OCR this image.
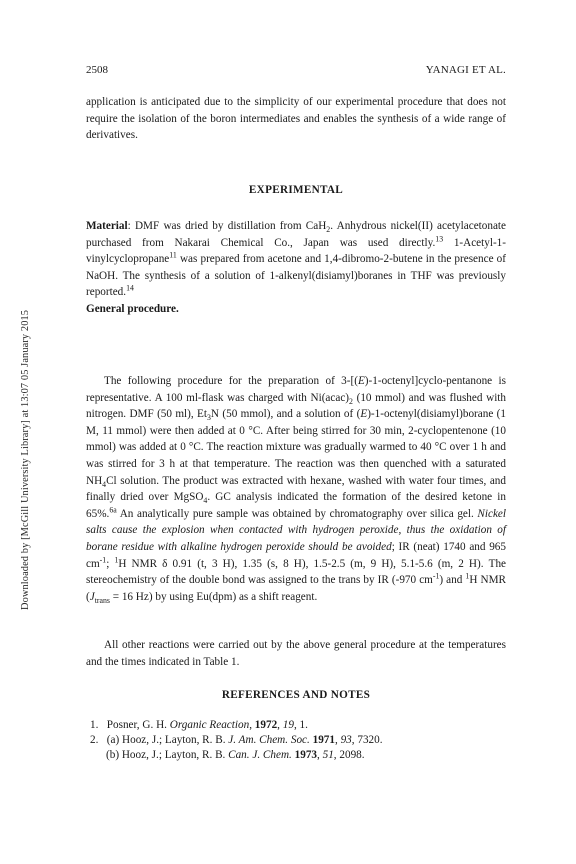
2508	YANAGI ET AL.
Downloaded by [McGill University Library] at 13:07 05 January 2015
application is anticipated due to the simplicity of our experimental procedure that does not require the isolation of the boron intermediates and enables the synthesis of a wide range of derivatives.
EXPERIMENTAL
Material: DMF was dried by distillation from CaH$_2$. Anhydrous nickel(II) acetylacetonate purchased from Nakarai Chemical Co., Japan was used directly.$^{13}$ 1-Acetyl-1-vinylcyclopropane$^{11}$ was prepared from acetone and 1,4-dibromo-2-butene in the presence of NaOH. The synthesis of a solution of 1-alkenyl(disiamyl)boranes in THF was previously reported.$^{14}$
General procedure.
The following procedure for the preparation of 3-[(E)-1-octenyl]cyclo-pentanone is representative. A 100 ml-flask was charged with $Ni(acac)_2$ (10 mmol) and was flushed with nitrogen. DMF (50 ml), $Et_3N$ (50 mmol), and a solution of (E)-1-octenyl(disiamyl)borane (1 M, 11 mmol) were then added at 0 °C. After being stirred for 30 min, 2-cyclopentenone (10 mmol) was added at 0 °C. The reaction mixture was gradually warmed to 40 °C over 1 h and was stirred for 3 h at that temperature. The reaction was then quenched with a saturated $NH_4Cl$ solution. The product was extracted with hexane, washed with water four times, and finally dried over MgSO$_4$. GC analysis indicated the formation of the desired ketone in 65%.$^{6a}$ An analytically pure sample was obtained by chromatography over silica gel. Nickel salts cause the explosion when contacted with hydrogen peroxide, thus the oxidation of borane residue with alkaline hydrogen peroxide should be avoided; IR (neat) 1740 and 965 $cm^{-1}$; $^1$H NMR δ 0.91 (t, 3 H), 1.35 (s, 8 H), 1.5-2.5 (m, 9 H), 5.1-5.6 (m, 2 H). The stereochemistry of the double bond was assigned to the trans by IR (-970 $cm^{-1}$) and $^1$H NMR ($J_{trans} = 16$ Hz) by using Eu(dpm) as a shift reagent.
All other reactions were carried out by the above general procedure at the temperatures and the times indicated in Table 1.
REFERENCES AND NOTES

1. Posner, G. H. Organic Reaction, 1972, 19, 1.

2. (a) Hooz, J.; Layton, R. B. J. Am. Chem. Soc. 1971, 93, 7320.

(b) Hooz, J.; Layton, R. B. Can. J. Chem. 1973, 51, 2098.
